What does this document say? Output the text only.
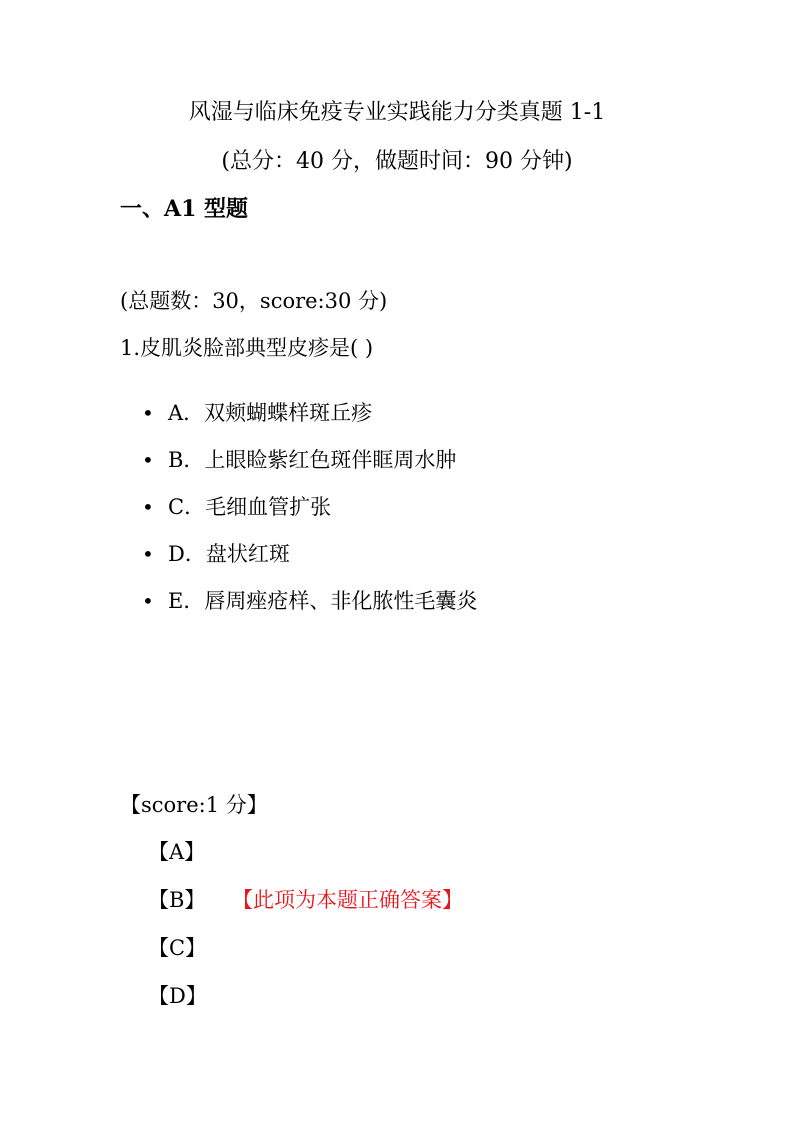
风湿与临床免疫专业实践能力分类真题 1-1
(总分：40 分，做题时间：90 分钟)
一、A1 型题
(总题数：30，score:30 分)
1.皮肌炎脸部典型皮疹是( )
• A．双颊蝴蝶样斑丘疹
• B．上眼睑紫红色斑伴眶周水肿
• C．毛细血管扩张
• D．盘状红斑
• E．唇周痤疮样、非化脓性毛囊炎
【score:1 分】
【A】
【B】 【此项为本题正确答案】
【C】
【D】
